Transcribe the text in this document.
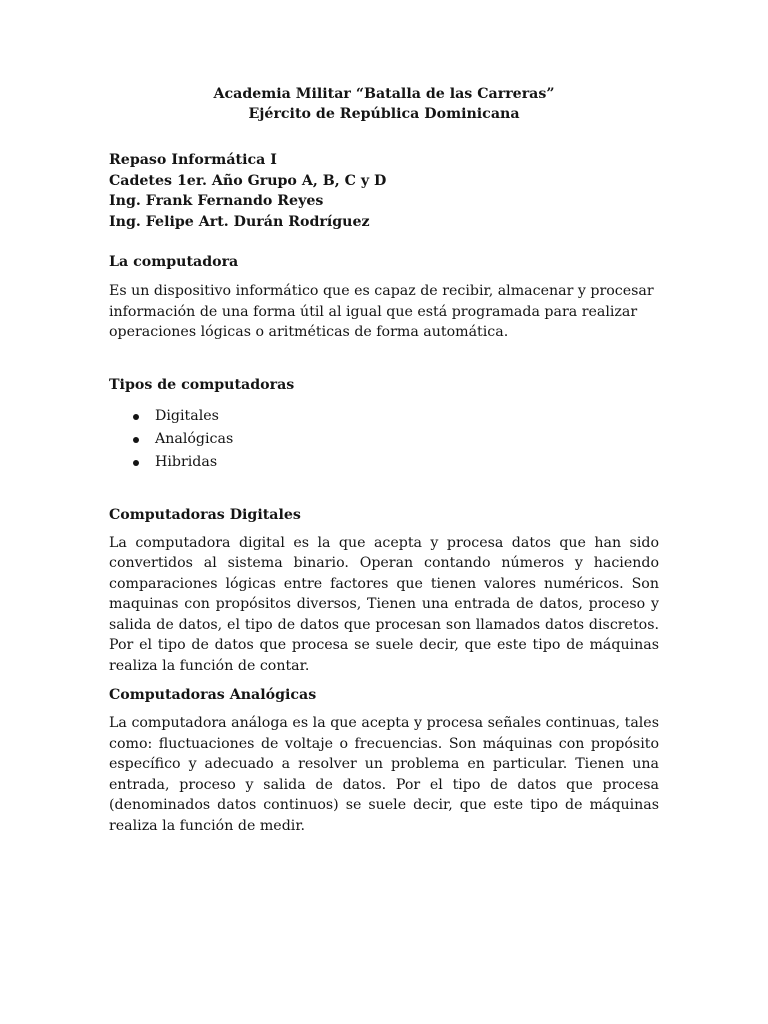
Academia Militar “Batalla de las Carreras”
Ejército de República Dominicana
Repaso Informática I
Cadetes 1er. Año Grupo A, B, C y D
Ing. Frank Fernando Reyes
Ing. Felipe Art. Durán Rodríguez
La computadora

Es un dispositivo informático que es capaz de recibir, almacenar y procesar información de una forma útil al igual que está programada para realizar operaciones lógicas o aritméticas de forma automática.

Tipos de computadoras
Digitales
Analógicas
Hibridas
Computadoras Digitales

La computadora digital es la que acepta y procesa datos que han sido convertidos al sistema binario. Operan contando números y haciendo comparaciones lógicas entre factores que tienen valores numéricos. Son maquinas con propósitos diversos, Tienen una entrada de datos, proceso y salida de datos, el tipo de datos que procesan son llamados datos discretos. Por el tipo de datos que procesa se suele decir, que este tipo de máquinas realiza la función de contar.

Computadoras Analógicas

La computadora análoga es la que acepta y procesa señales continuas, tales como: fluctuaciones de voltaje o frecuencias. Son máquinas con propósito específico y adecuado a resolver un problema en particular. Tienen una entrada, proceso y salida de datos. Por el tipo de datos que procesa (denominados datos continuos) se suele decir, que este tipo de máquinas realiza la función de medir.
